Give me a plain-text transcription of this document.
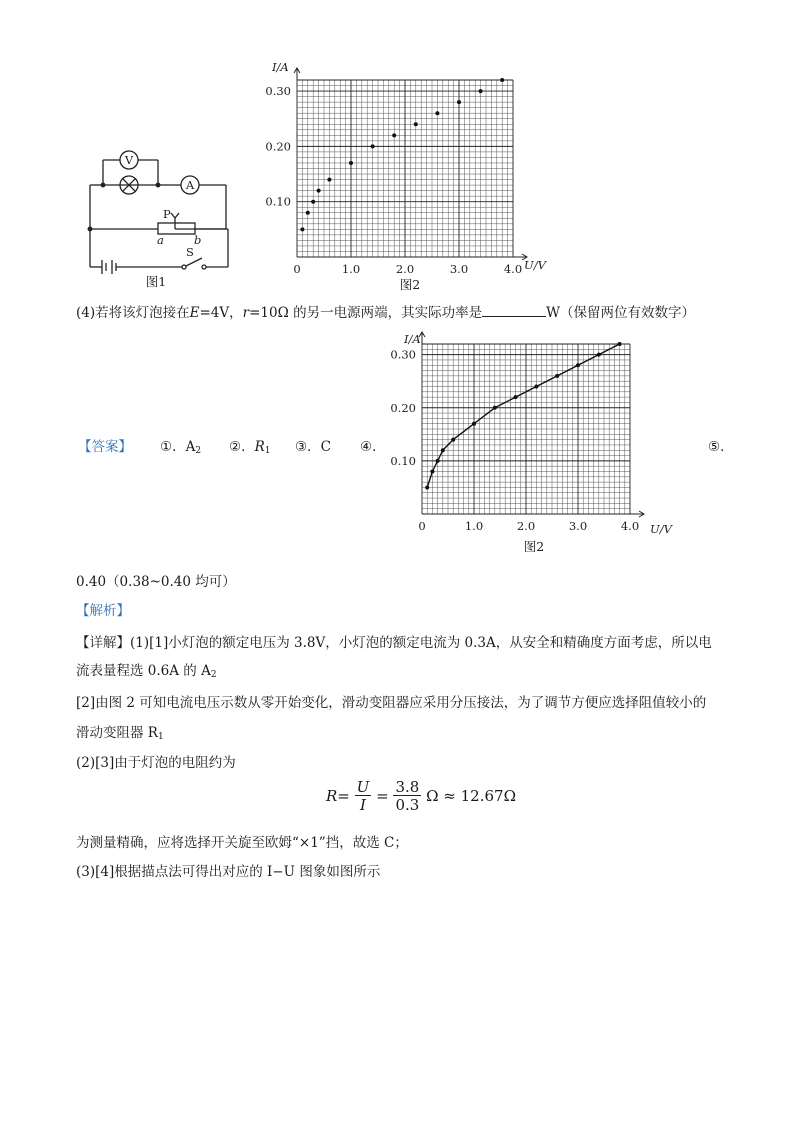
V
A
P
a	b
S
图1
0	1.0	2.0	3.0	4.0
0.10
0.20
0.30
I/A
U/V
图2
(4)若将该灯泡接在E=4V，r=10Ω 的另一电源两端，其实际功率是	W（保留两位有效数字）
【答案】 ①．$A_2$ ②．$R_1$ ③．C ④．	⑤．
0	1.0	2.0	3.0	4.0
0.10
0.20
0.30
I/A
U/V
图2
0.40（0.38~0.40 均可）
【解析】
【详解】(1)[1]小灯泡的额定电压为 3.8V，小灯泡的额定电流为 0.3A，从安全和精确度方面考虑，所以电
流表量程选 0.6A 的 $A_2$
[2]由图 2 可知电流电压示数从零开始变化，滑动变阻器应采用分压接法，为了调节方便应选择阻值较小的
滑动变阻器 $R_1$
(2)[3]由于灯泡的电阻约为
$R= \frac{U}{I} = \frac{3.8}{0.3}$ Ω ≈ 12.67Ω
为测量精确，应将选择开关旋至欧姆“×1”挡，故选 C；
(3)[4]根据描点法可得出对应的 I−U 图象如图所示
